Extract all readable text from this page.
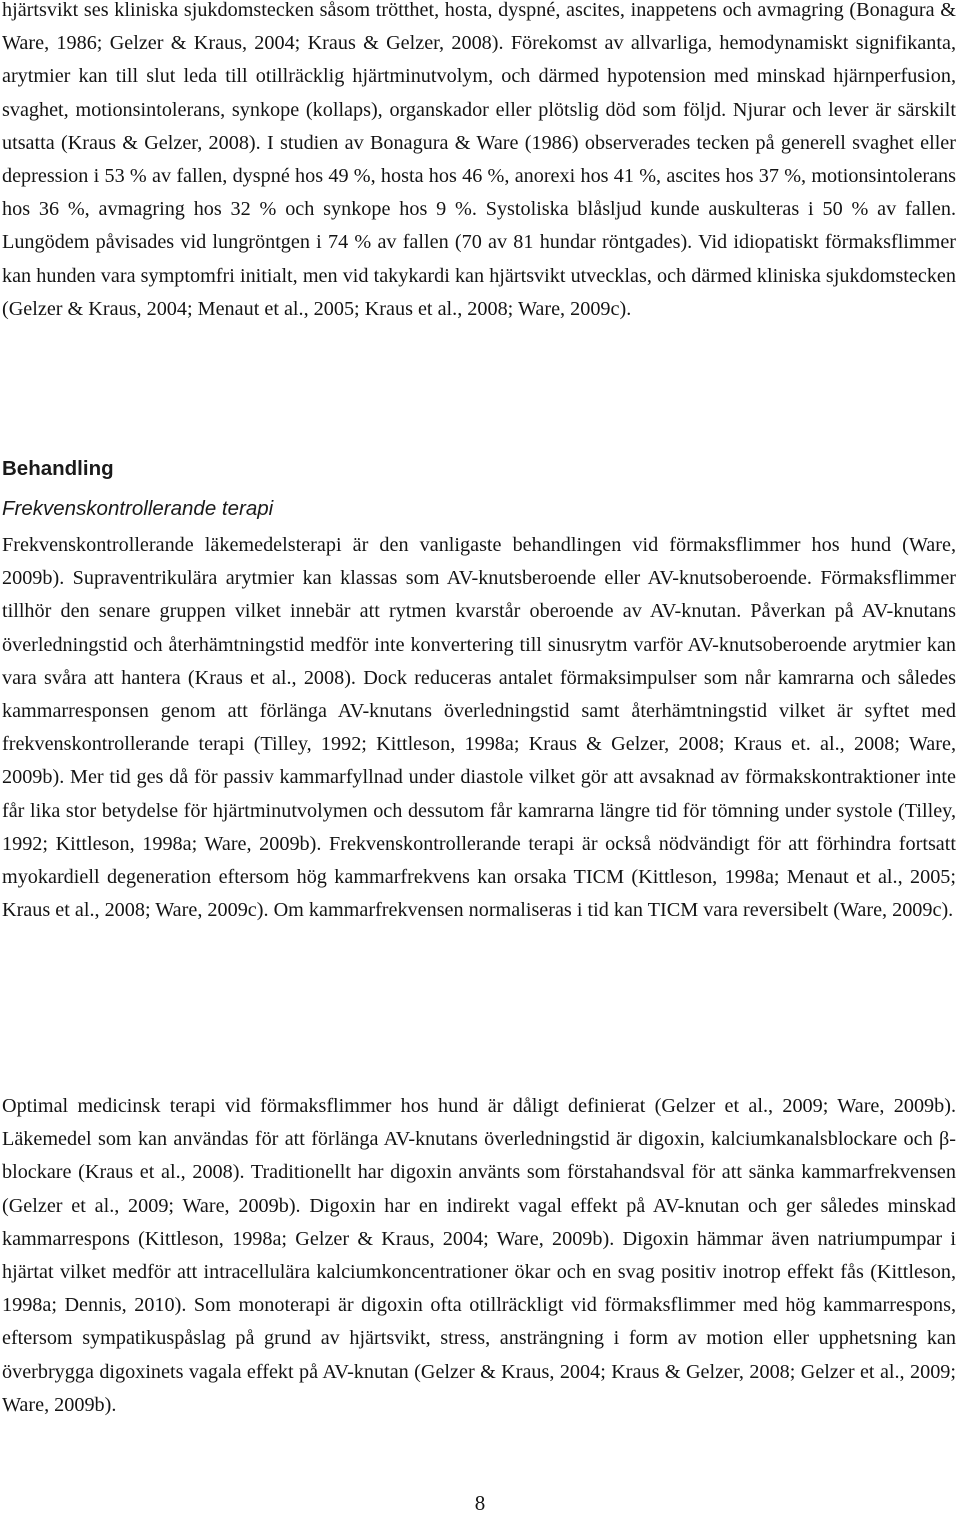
hjärtsvikt ses kliniska sjukdomstecken såsom trötthet, hosta, dyspné, ascites, inappetens och avmagring (Bonagura & Ware, 1986; Gelzer & Kraus, 2004; Kraus & Gelzer, 2008). Förekomst av allvarliga, hemodynamiskt signifikanta, arytmier kan till slut leda till otillräcklig hjärtminutvolym, och därmed hypotension med minskad hjärnperfusion, svaghet, motionsintolerans, synkope (kollaps), organskador eller plötslig död som följd. Njurar och lever är särskilt utsatta (Kraus & Gelzer, 2008). I studien av Bonagura & Ware (1986) observerades tecken på generell svaghet eller depression i 53 % av fallen, dyspné hos 49 %, hosta hos 46 %, anorexi hos 41 %, ascites hos 37 %, motionsintolerans hos 36 %, avmagring hos 32 % och synkope hos 9 %. Systoliska blåsljud kunde auskulteras i 50 % av fallen. Lungödem påvisades vid lungröntgen i 74 % av fallen (70 av 81 hundar röntgades). Vid idiopatiskt förmaksflimmer kan hunden vara symptomfri initialt, men vid takykardi kan hjärtsvikt utvecklas, och därmed kliniska sjukdomstecken (Gelzer & Kraus, 2004; Menaut et al., 2005; Kraus et al., 2008; Ware, 2009c).

Behandling
Frekvenskontrollerande terapi

Frekvenskontrollerande läkemedelsterapi är den vanligaste behandlingen vid förmaksflimmer hos hund (Ware, 2009b). Supraventrikulära arytmier kan klassas som AV-knutsberoende eller AV-knutsoberoende. Förmaksflimmer tillhör den senare gruppen vilket innebär att rytmen kvarstår oberoende av AV-knutan. Påverkan på AV-knutans överledningstid och återhämtningstid medför inte konvertering till sinusrytm varför AV-knutsoberoende arytmier kan vara svåra att hantera (Kraus et al., 2008). Dock reduceras antalet förmaksimpulser som når kamrarna och således kammarresponsen genom att förlänga AV-knutans överledningstid samt återhämtningstid vilket är syftet med frekvenskontrollerande terapi (Tilley, 1992; Kittleson, 1998a; Kraus & Gelzer, 2008; Kraus et. al., 2008; Ware, 2009b). Mer tid ges då för passiv kammarfyllnad under diastole vilket gör att avsaknad av förmakskontraktioner inte får lika stor betydelse för hjärtminutvolymen och dessutom får kamrarna längre tid för tömning under systole (Tilley, 1992; Kittleson, 1998a; Ware, 2009b). Frekvenskontrollerande terapi är också nödvändigt för att förhindra fortsatt myokardiell degeneration eftersom hög kammarfrekvens kan orsaka TICM (Kittleson, 1998a; Menaut et al., 2005; Kraus et al., 2008; Ware, 2009c). Om kammarfrekvensen normaliseras i tid kan TICM vara reversibelt (Ware, 2009c).

Optimal medicinsk terapi vid förmaksflimmer hos hund är dåligt definierat (Gelzer et al., 2009; Ware, 2009b). Läkemedel som kan användas för att förlänga AV-knutans överledningstid är digoxin, kalciumkanalsblockare och β-blockare (Kraus et al., 2008). Traditionellt har digoxin använts som förstahandsval för att sänka kammarfrekvensen (Gelzer et al., 2009; Ware, 2009b). Digoxin har en indirekt vagal effekt på AV-knutan och ger således minskad kammarrespons (Kittleson, 1998a; Gelzer & Kraus, 2004; Ware, 2009b). Digoxin hämmar även natriumpumpar i hjärtat vilket medför att intracellulära kalciumkoncentrationer ökar och en svag positiv inotrop effekt fås (Kittleson, 1998a; Dennis, 2010). Som monoterapi är digoxin ofta otillräckligt vid förmaksflimmer med hög kammarrespons, eftersom sympatikuspåslag på grund av hjärtsvikt, stress, ansträngning i form av motion eller upphetsning kan överbrygga digoxinets vagala effekt på AV-knutan (Gelzer & Kraus, 2004; Kraus & Gelzer, 2008; Gelzer et al., 2009; Ware, 2009b).

8
